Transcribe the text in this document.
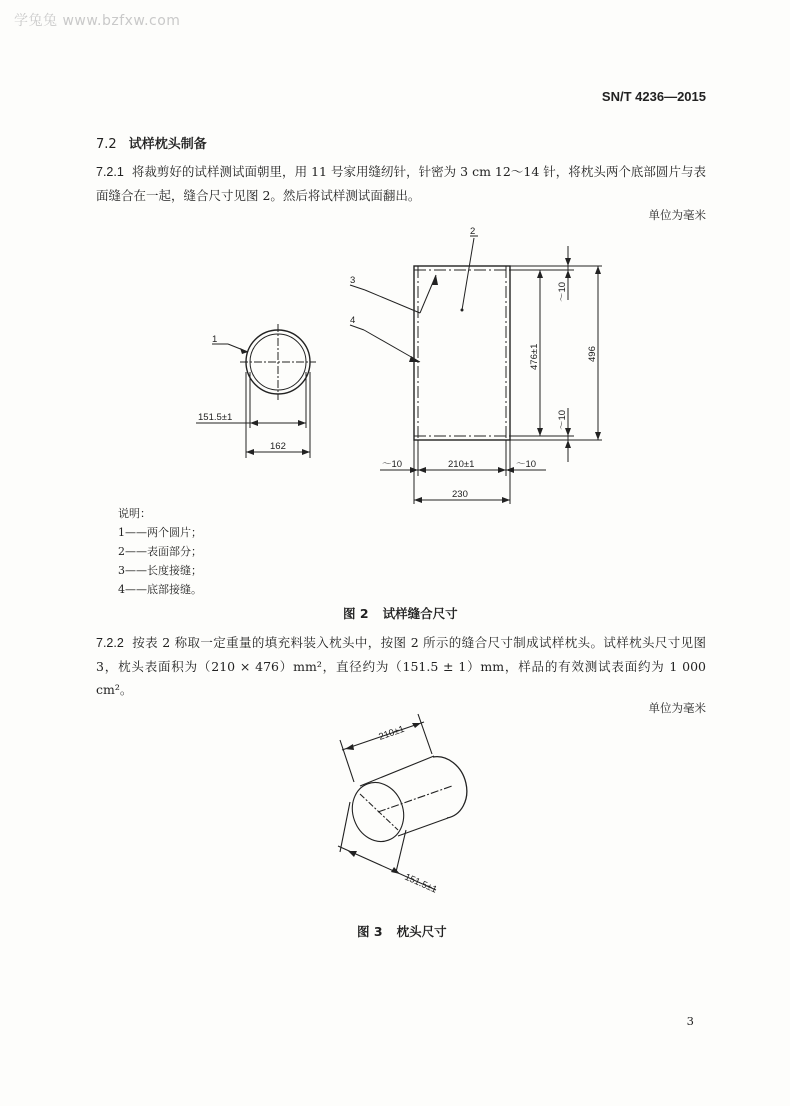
学兔兔 www.bzfxw.com
SN/T 4236—2015
7.2 试样枕头制备
7.2.1 将裁剪好的试样测试面朝里，用 11 号家用缝纫针，针密为 3 cm 12～14 针，将枕头两个底部圆片与表面缝合在一起，缝合尺寸见图 2。然后将试样测试面翻出。
单位为毫米
1
2
3
4
151.5±1
162
～10
476±1	496
～10
～10	210±1	～10
230
说明：
1——两个圆片；
2——表面部分；
3——长度接缝；
4——底部接缝。
图 2 试样缝合尺寸
7.2.2 按表 2 称取一定重量的填充料装入枕头中，按图 2 所示的缝合尺寸制成试样枕头。试样枕头尺寸见图 3，枕头表面积为（210 × 476）mm²，直径约为（151.5 ± 1）mm，样品的有效测试表面约为 1 000 cm²。
单位为毫米
210±1
151.5±1
图 3 枕头尺寸
3
